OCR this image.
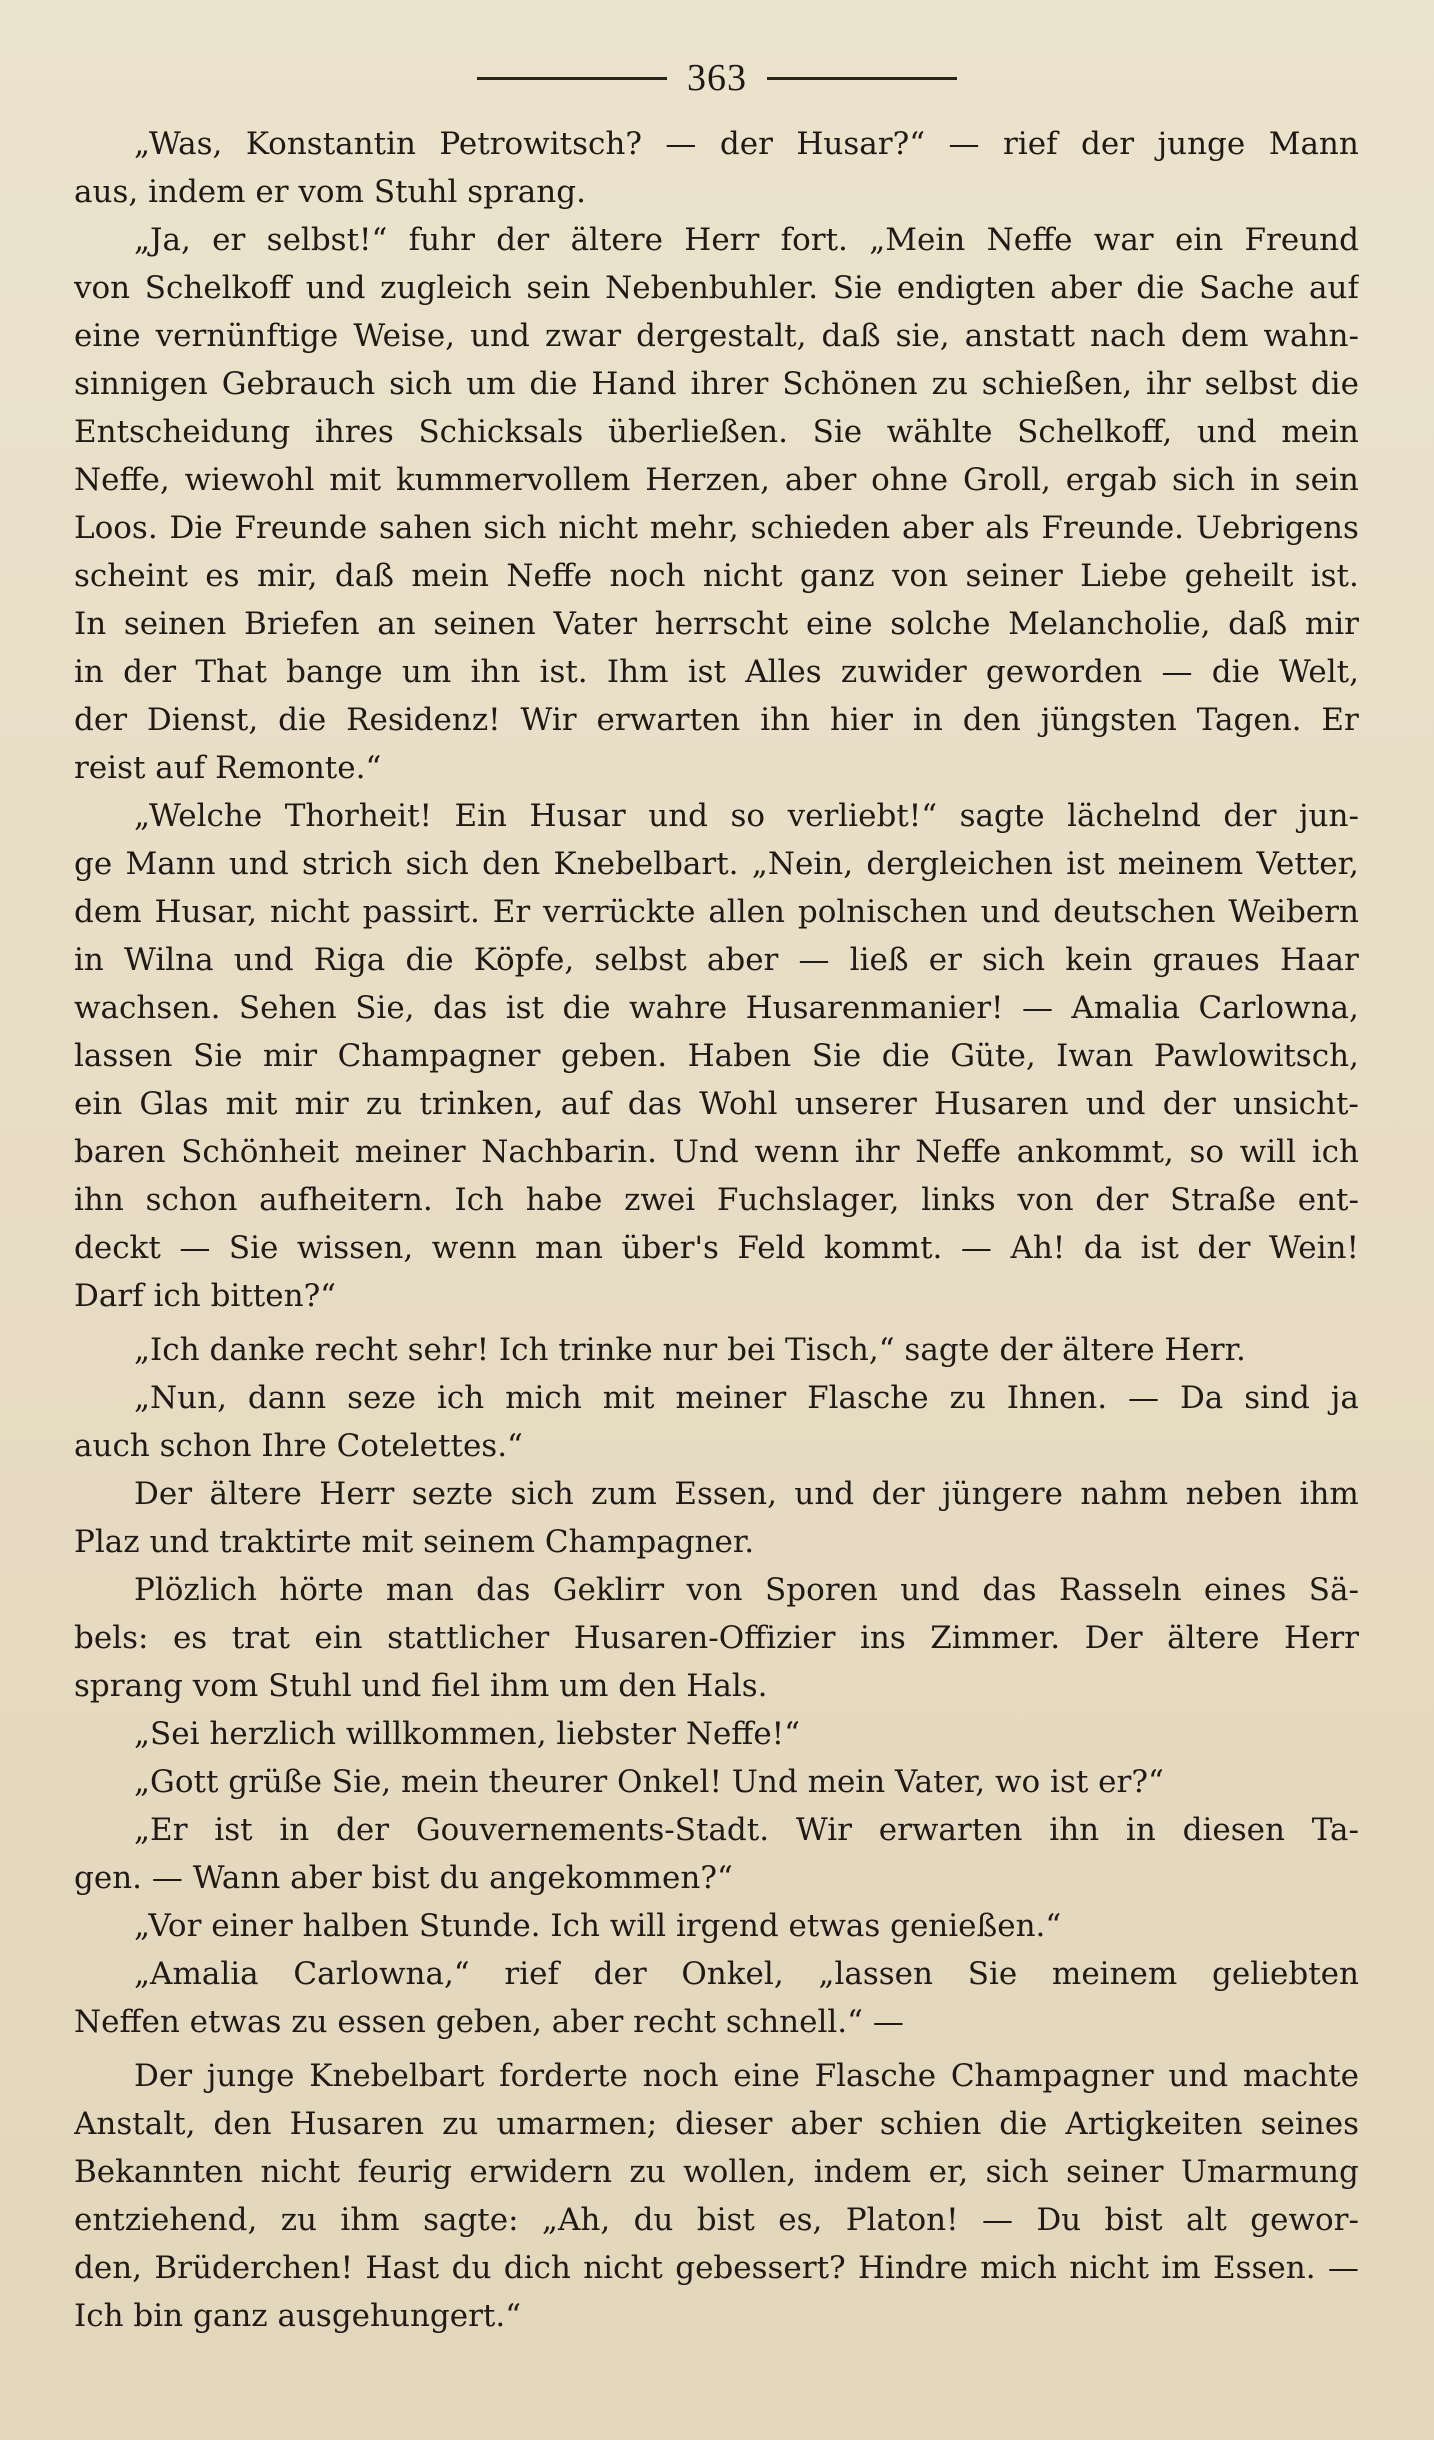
363
„Was, Konstantin Petrowitsch? — der Husar?“ — rief der junge Mann
aus, indem er vom Stuhl sprang.
„Ja, er selbst!“ fuhr der ältere Herr fort. „Mein Neffe war ein Freund
von Schelkoff und zugleich sein Nebenbuhler. Sie endigten aber die Sache auf
eine vernünftige Weise, und zwar dergestalt, daß sie, anstatt nach dem wahn-
sinnigen Gebrauch sich um die Hand ihrer Schönen zu schießen, ihr selbst die
Entscheidung ihres Schicksals überließen. Sie wählte Schelkoff, und mein
Neffe, wiewohl mit kummervollem Herzen, aber ohne Groll, ergab sich in sein
Loos. Die Freunde sahen sich nicht mehr, schieden aber als Freunde. Uebrigens
scheint es mir, daß mein Neffe noch nicht ganz von seiner Liebe geheilt ist.
In seinen Briefen an seinen Vater herrscht eine solche Melancholie, daß mir
in der That bange um ihn ist. Ihm ist Alles zuwider geworden — die Welt,
der Dienst, die Residenz! Wir erwarten ihn hier in den jüngsten Tagen. Er
reist auf Remonte.“
„Welche Thorheit! Ein Husar und so verliebt!“ sagte lächelnd der jun-
ge Mann und strich sich den Knebelbart. „Nein, dergleichen ist meinem Vetter,
dem Husar, nicht passirt. Er verrückte allen polnischen und deutschen Weibern
in Wilna und Riga die Köpfe, selbst aber — ließ er sich kein graues Haar
wachsen. Sehen Sie, das ist die wahre Husarenmanier! — Amalia Carlowna,
lassen Sie mir Champagner geben. Haben Sie die Güte, Iwan Pawlowitsch,
ein Glas mit mir zu trinken, auf das Wohl unserer Husaren und der unsicht-
baren Schönheit meiner Nachbarin. Und wenn ihr Neffe ankommt, so will ich
ihn schon aufheitern. Ich habe zwei Fuchslager, links von der Straße ent-
deckt — Sie wissen, wenn man über's Feld kommt. — Ah! da ist der Wein!
Darf ich bitten?“
„Ich danke recht sehr! Ich trinke nur bei Tisch,“ sagte der ältere Herr.
„Nun, dann seze ich mich mit meiner Flasche zu Ihnen. — Da sind ja
auch schon Ihre Cotelettes.“
Der ältere Herr sezte sich zum Essen, und der jüngere nahm neben ihm
Plaz und traktirte mit seinem Champagner.
Plözlich hörte man das Geklirr von Sporen und das Rasseln eines Sä-
bels: es trat ein stattlicher Husaren-Offizier ins Zimmer. Der ältere Herr
sprang vom Stuhl und fiel ihm um den Hals.
„Sei herzlich willkommen, liebster Neffe!“
„Gott grüße Sie, mein theurer Onkel! Und mein Vater, wo ist er?“
„Er ist in der Gouvernements-Stadt. Wir erwarten ihn in diesen Ta-
gen. — Wann aber bist du angekommen?“
„Vor einer halben Stunde. Ich will irgend etwas genießen.“
„Amalia Carlowna,“ rief der Onkel, „lassen Sie meinem geliebten
Neffen etwas zu essen geben, aber recht schnell.“ —
Der junge Knebelbart forderte noch eine Flasche Champagner und machte
Anstalt, den Husaren zu umarmen; dieser aber schien die Artigkeiten seines
Bekannten nicht feurig erwidern zu wollen, indem er, sich seiner Umarmung
entziehend, zu ihm sagte: „Ah, du bist es, Platon! — Du bist alt gewor-
den, Brüderchen! Hast du dich nicht gebessert? Hindre mich nicht im Essen. —
Ich bin ganz ausgehungert.“
